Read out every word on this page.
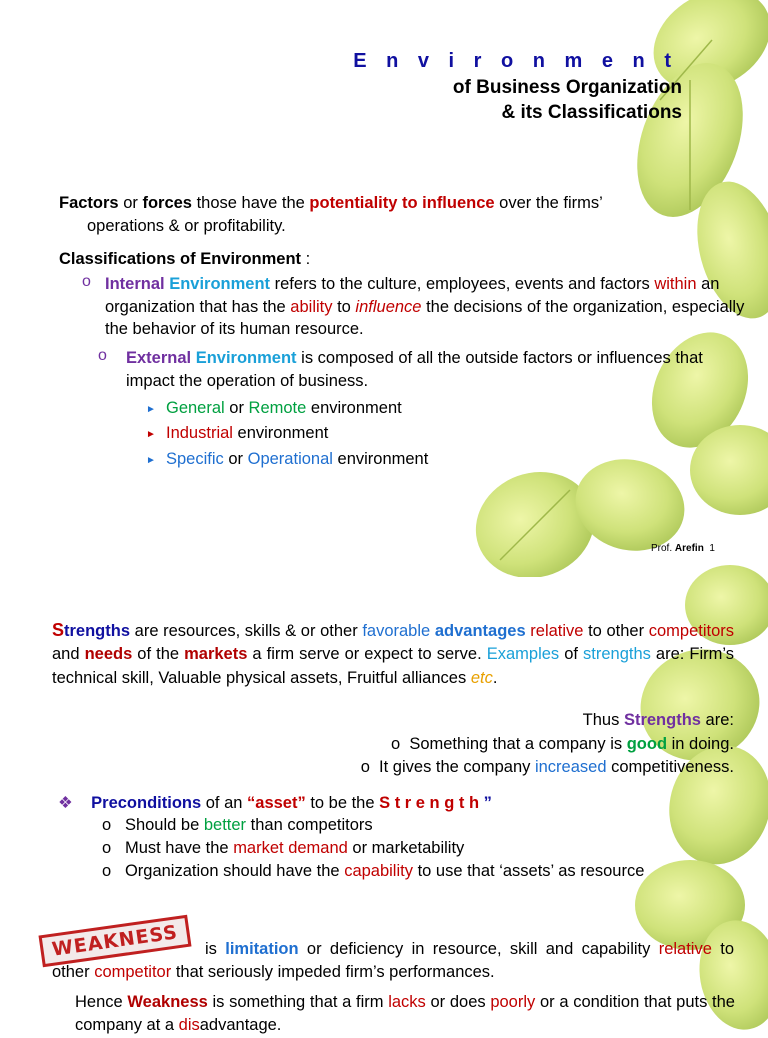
E n v i r o n m e n t

of Business Organization

& its Classifications

Factors or forces those have the potentiality to influence over the firms’
operations & or profitability.

Classifications of Environment :

o Internal Environment refers to the culture, employees, events and factors within an organization that has the ability to influence the decisions of the organization, especially the behavior of its human resource.
o External Environment is composed of all the outside factors or influences that impact the operation of business.
► General or Remote environment

► Industrial environment

► Specific or Operational environment

Prof. Arefin 1

Strengths are resources, skills & or other favorable advantages relative to other competitors and needs of the markets a firm serve or expect to serve. Examples of strengths are: Firm’s technical skill, Valuable physical assets, Fruitful alliances etc.

Thus Strengths are:

o Something that a company is good in doing.

o It gives the company increased competitiveness.

❖ Preconditions of an “asset” to be the S t r e n g t h ”

o Should be better than competitors

o Must have the market demand or marketability

o Organization should have the capability to use that ‘assets’ as resource

WEAKNESS	is limitation or deficiency in resource, skill and capability relative to other competitor that seriously impeded firm’s performances.
Hence Weakness is something that a firm lacks or does poorly or a condition that puts the company at a disadvantage.
